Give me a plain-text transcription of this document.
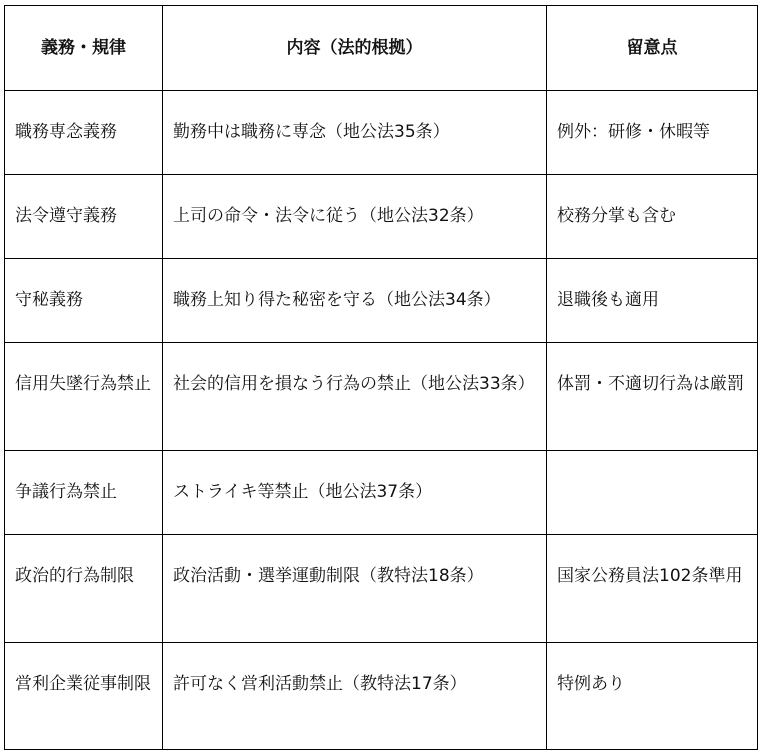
義務・規律	内容（法的根拠）	留意点
職務専念義務	勤務中は職務に専念（地公法35条）	例外：研修・休暇等
法令遵守義務	上司の命令・法令に従う（地公法32条）	校務分掌も含む
守秘義務	職務上知り得た秘密を守る（地公法34条）	退職後も適用
信用失墜行為禁止	社会的信用を損なう行為の禁止（地公法33条）	体罰・不適切行為は厳罰
争議行為禁止	ストライキ等禁止（地公法37条）	
政治的行為制限	政治活動・選挙運動制限（教特法18条）	国家公務員法102条準用
営利企業従事制限	許可なく営利活動禁止（教特法17条）	特例あり
